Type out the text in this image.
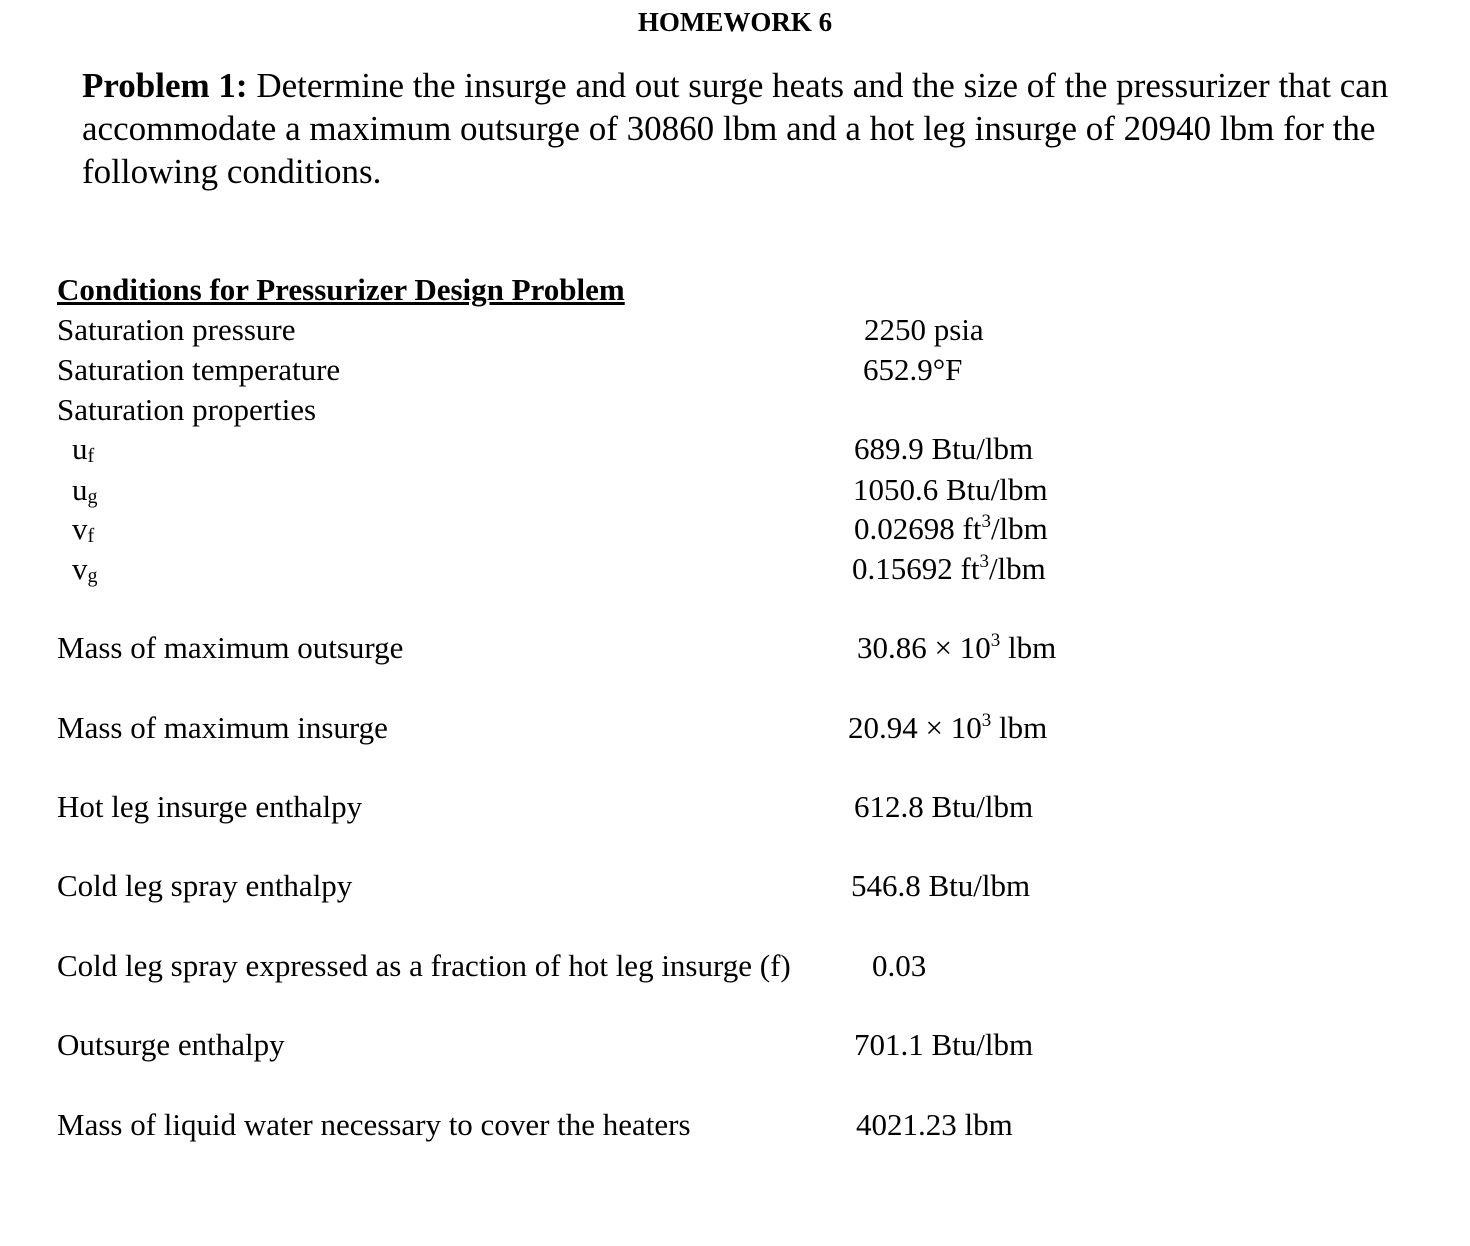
HOMEWORK 6
Problem 1: Determine the insurge and out surge heats and the size of the pressurizer that can accommodate a maximum outsurge of 30860 lbm and a hot leg insurge of 20940 lbm for the following conditions.
Conditions for Pressurizer Design Problem
Saturation pressure	2250 psia
Saturation temperature	652.9°F
Saturation properties
$u_f$	689.9 Btu/lbm
$u_g$	1050.6 Btu/lbm
$v_f$	0.02698 $ft^3$/lbm
$v_g$	0.15692 $ft^3$/lbm
Mass of maximum outsurge	$30.86 \times 10^3$ lbm
Mass of maximum insurge	$20.94 \times 10^3$ lbm
Hot leg insurge enthalpy	612.8 Btu/lbm
Cold leg spray enthalpy	546.8 Btu/lbm
Cold leg spray expressed as a fraction of hot leg insurge (f)	0.03
Outsurge enthalpy	701.1 Btu/lbm
Mass of liquid water necessary to cover the heaters	4021.23 lbm
